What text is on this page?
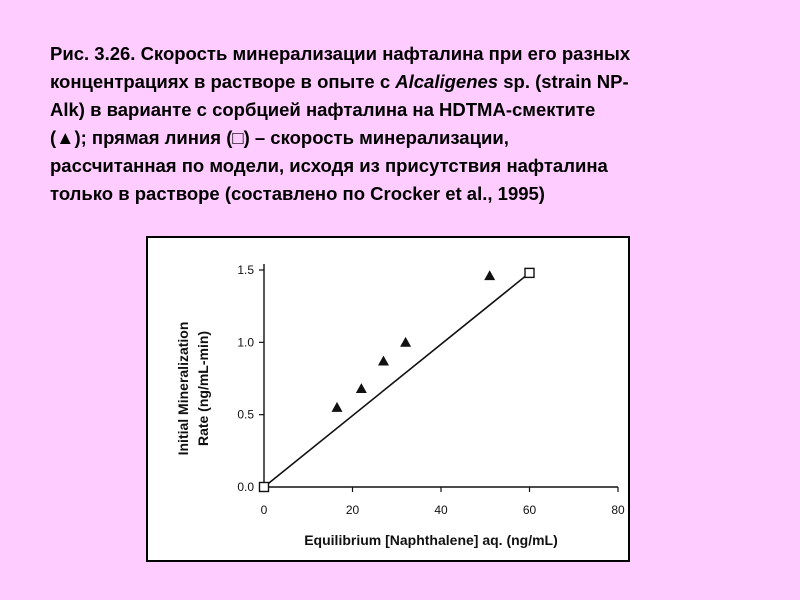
Рис. 3.26. Скорость минерализации нафталина при его разных
концентрациях в растворе в опыте с Alcaligenes sp. (strain NP-
Alk) в варианте с сорбцией нафталина на HDTMA-смектите
(▲); прямая линия (□) – скорость минерализации,
рассчитанная по модели, исходя из присутствия нафталина
только в растворе (составлено по Crocker et al., 1995)
0	20	40	60	80
0.0
0.5
1.0
1.5
Equilibrium [Naphthalene] aq. (ng/mL)
Initial Mineralization Rate (ng/mL-min)
